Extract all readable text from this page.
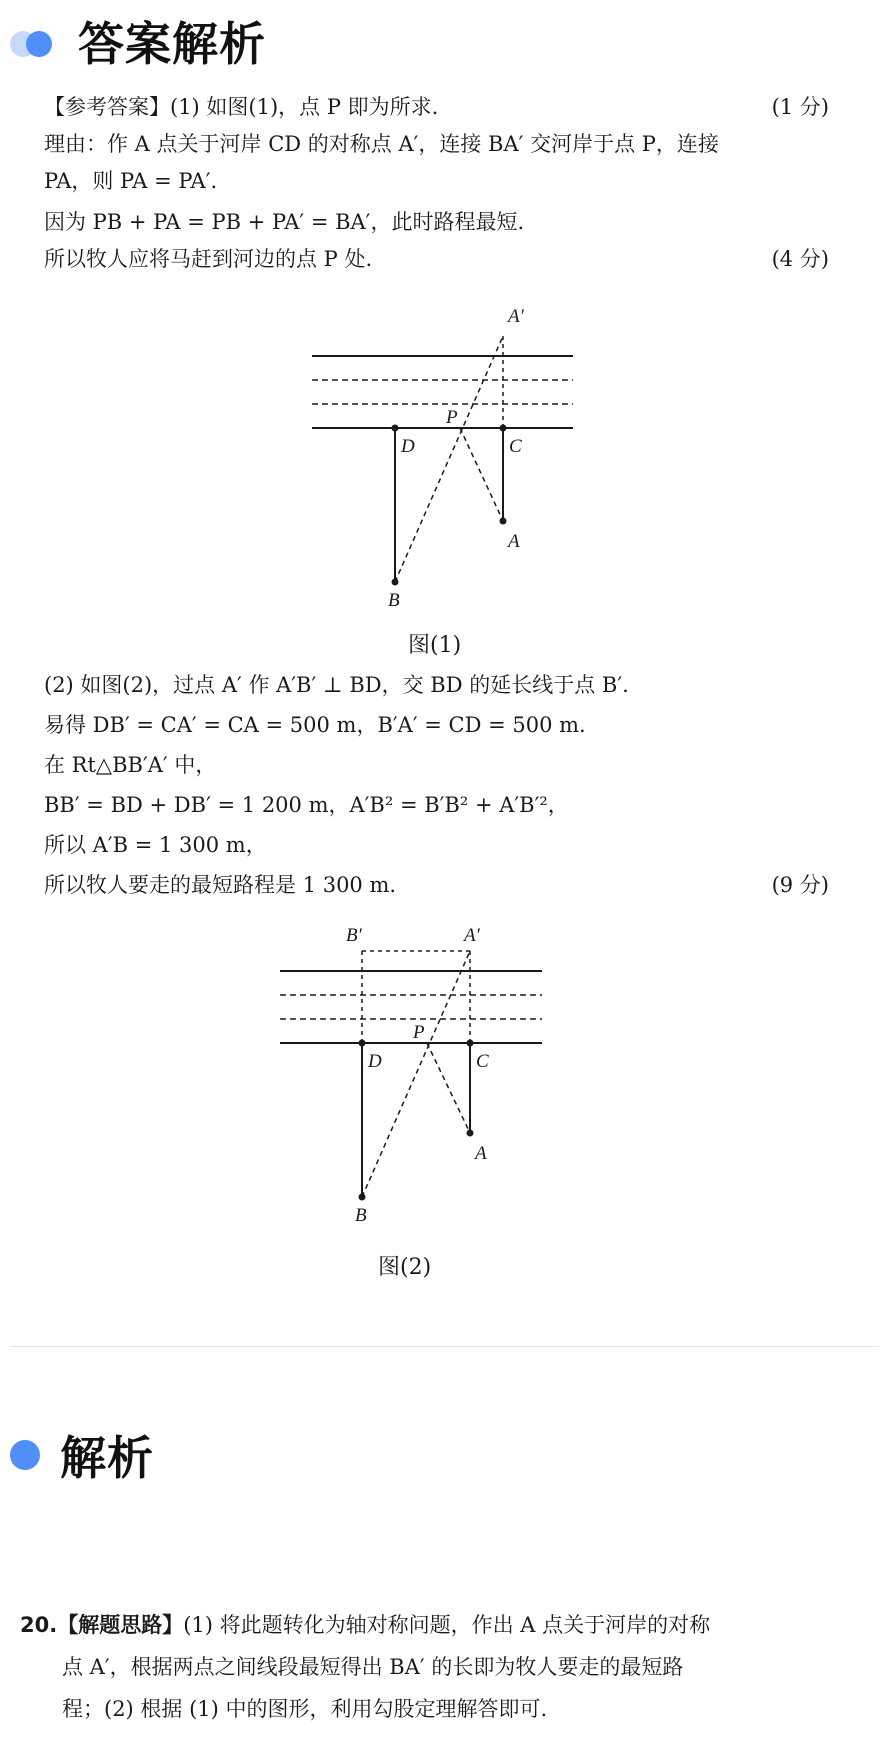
答案解析
【参考答案】(1) 如图(1)，点 P 即为所求.	(1 分)
理由：作 A 点关于河岸 CD 的对称点 A′，连接 BA′ 交河岸于点 P，连接
PA，则 PA = PA′.
因为 PB + PA = PB + PA′ = BA′，此时路程最短.
所以牧人应将马赶到河边的点 P 处.	(4 分)
A′
P
D	C
A
B
图(1)
(2) 如图(2)，过点 A′ 作 A′B′ ⊥ BD，交 BD 的延长线于点 B′.
易得 DB′ = CA′ = CA = 500 m，B′A′ = CD = 500 m.
在 Rt△BB′A′ 中，
BB′ = BD + DB′ = 1 200 m，A′B² = B′B² + A′B′²，
所以 A′B = 1 300 m，
所以牧人要走的最短路程是 1 300 m.	(9 分)
B′	A′
P
D	C
A
B
图(2)
解析
20.【解题思路】(1) 将此题转化为轴对称问题，作出 A 点关于河岸的对称
点 A′，根据两点之间线段最短得出 BA′ 的长即为牧人要走的最短路
程；(2) 根据 (1) 中的图形，利用勾股定理解答即可.
